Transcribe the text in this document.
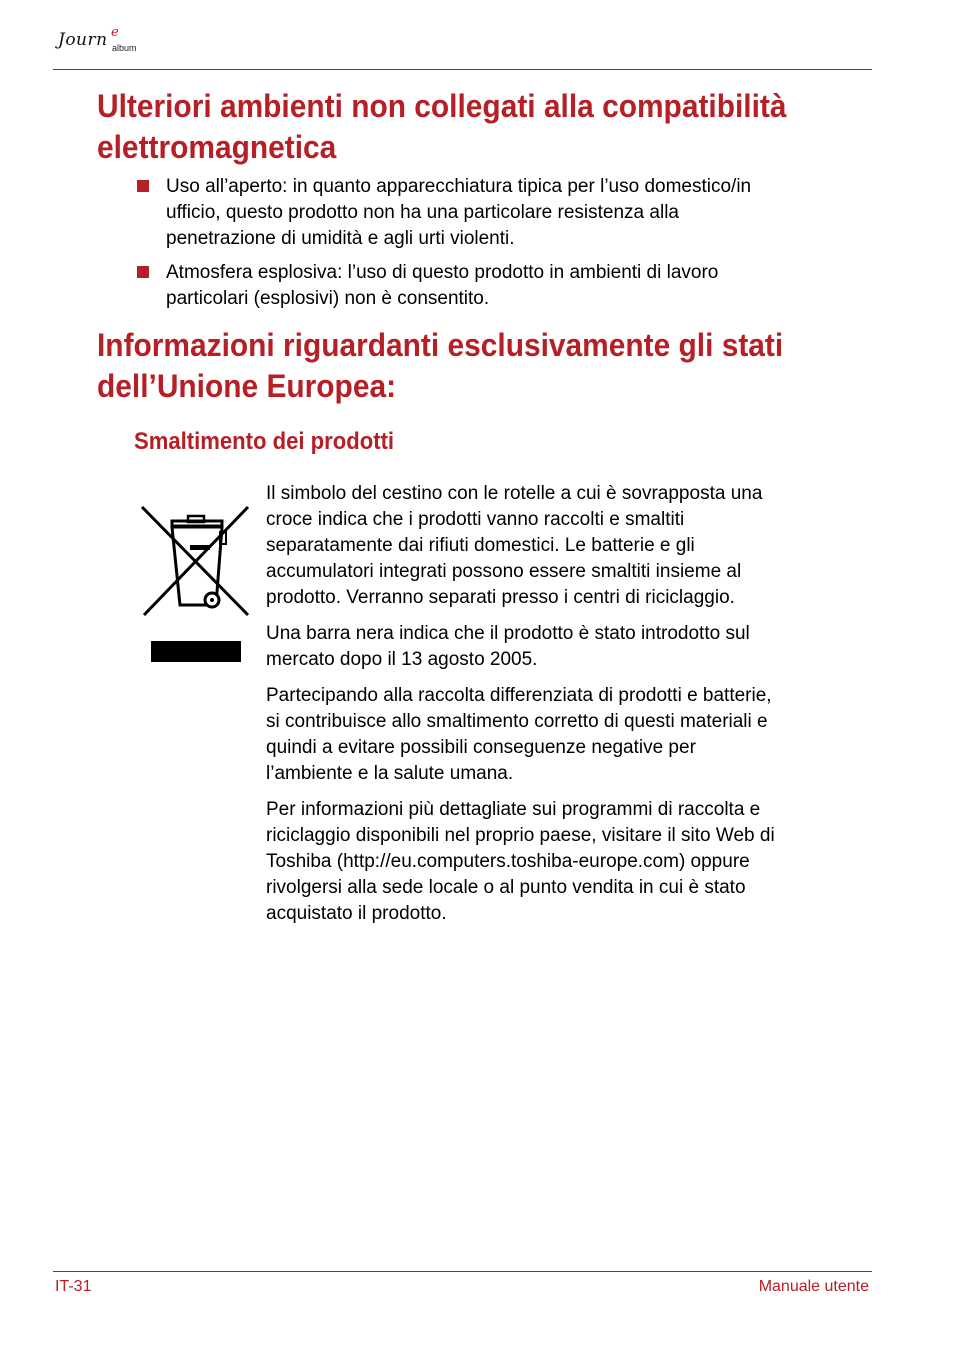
Journ e
album
Ulteriori ambienti non collegati alla compatibilità
elettromagnetica
Uso all’aperto: in quanto apparecchiatura tipica per l’uso domestico/in
ufficio, questo prodotto non ha una particolare resistenza alla
penetrazione di umidità e agli urti violenti.
Atmosfera esplosiva: l’uso di questo prodotto in ambienti di lavoro
particolari (esplosivi) non è consentito.
Informazioni riguardanti esclusivamente gli stati
dell’Unione Europea:
Smaltimento dei prodotti

Il simbolo del cestino con le rotelle a cui è sovrapposta una
croce indica che i prodotti vanno raccolti e smaltiti
separatamente dai rifiuti domestici. Le batterie e gli
accumulatori integrati possono essere smaltiti insieme al
prodotto. Verranno separati presso i centri di riciclaggio.

Una barra nera indica che il prodotto è stato introdotto sul
mercato dopo il 13 agosto 2005.

Partecipando alla raccolta differenziata di prodotti e batterie,
si contribuisce allo smaltimento corretto di questi materiali e
quindi a evitare possibili conseguenze negative per
l’ambiente e la salute umana.

Per informazioni più dettagliate sui programmi di raccolta e
riciclaggio disponibili nel proprio paese, visitare il sito Web di
Toshiba (http://eu.computers.toshiba-europe.com) oppure
rivolgersi alla sede locale o al punto vendita in cui è stato
acquistato il prodotto.

IT-31	Manuale utente
